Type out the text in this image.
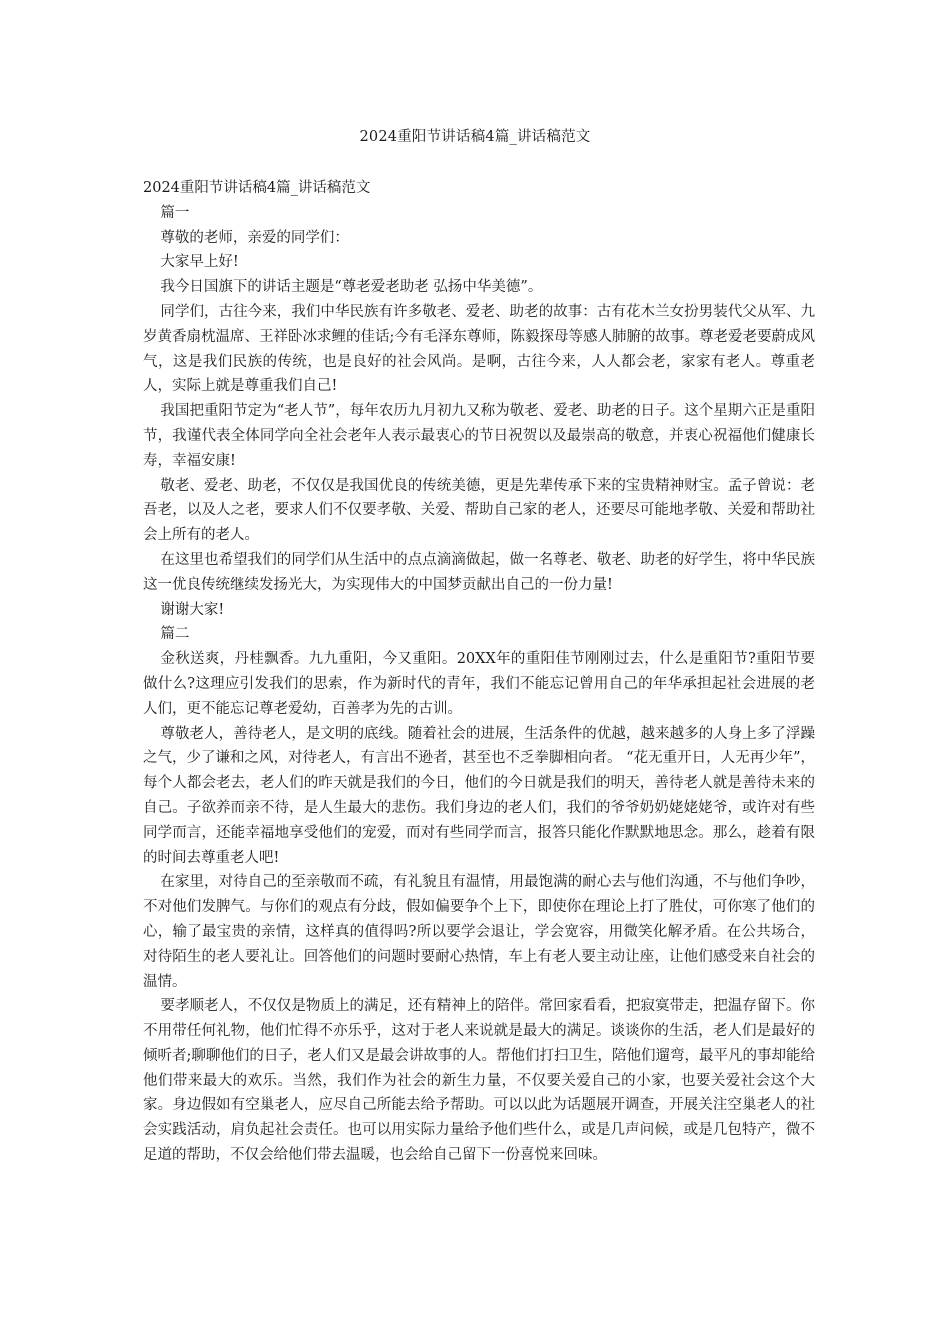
2024重阳节讲话稿4篇_讲话稿范文

2024重阳节讲话稿4篇_讲话稿范文

篇一

尊敬的老师，亲爱的同学们：

大家早上好!

我今日国旗下的讲话主题是“尊老爱老助老 弘扬中华美德”。

同学们，古往今来，我们中华民族有许多敬老、爱老、助老的故事：古有花木兰女扮男装代父从军、九岁黄香扇枕温席、王祥卧冰求鲤的佳话;今有毛泽东尊师，陈毅探母等感人肺腑的故事。尊老爱老要蔚成风气，这是我们民族的传统，也是良好的社会风尚。是啊，古往今来，人人都会老，家家有老人。尊重老人，实际上就是尊重我们自己!

我国把重阳节定为“老人节”，每年农历九月初九又称为敬老、爱老、助老的日子。这个星期六正是重阳节，我谨代表全体同学向全社会老年人表示最衷心的节日祝贺以及最崇高的敬意，并衷心祝福他们健康长寿，幸福安康!

敬老、爱老、助老，不仅仅是我国优良的传统美德，更是先辈传承下来的宝贵精神财宝。孟子曾说：老吾老，以及人之老，要求人们不仅要孝敬、关爱、帮助自己家的老人，还要尽可能地孝敬、关爱和帮助社会上所有的老人。

在这里也希望我们的同学们从生活中的点点滴滴做起，做一名尊老、敬老、助老的好学生，将中华民族这一优良传统继续发扬光大，为实现伟大的中国梦贡献出自己的一份力量!

谢谢大家!

篇二

金秋送爽，丹桂飘香。九九重阳，今又重阳。20XX年的重阳佳节刚刚过去，什么是重阳节?重阳节要做什么?这理应引发我们的思索，作为新时代的青年，我们不能忘记曾用自己的年华承担起社会进展的老人们，更不能忘记尊老爱幼，百善孝为先的古训。

尊敬老人，善待老人，是文明的底线。随着社会的进展，生活条件的优越，越来越多的人身上多了浮躁之气，少了谦和之风，对待老人，有言出不逊者，甚至也不乏拳脚相向者。 “花无重开日，人无再少年”，每个人都会老去，老人们的昨天就是我们的今日，他们的今日就是我们的明天，善待老人就是善待未来的自己。子欲养而亲不待，是人生最大的悲伤。我们身边的老人们，我们的爷爷奶奶姥姥姥爷，或许对有些同学而言，还能幸福地享受他们的宠爱，而对有些同学而言，报答只能化作默默地思念。那么，趁着有限的时间去尊重老人吧!

在家里，对待自己的至亲敬而不疏，有礼貌且有温情，用最饱满的耐心去与他们沟通，不与他们争吵，不对他们发脾气。与你们的观点有分歧，假如偏要争个上下，即使你在理论上打了胜仗，可你寒了他们的心，输了最宝贵的亲情，这样真的值得吗?所以要学会退让，学会宽容，用微笑化解矛盾。在公共场合，对待陌生的老人要礼让。回答他们的问题时要耐心热情，车上有老人要主动让座，让他们感受来自社会的温情。

要孝顺老人，不仅仅是物质上的满足，还有精神上的陪伴。常回家看看，把寂寞带走，把温存留下。你不用带任何礼物，他们忙得不亦乐乎，这对于老人来说就是最大的满足。谈谈你的生活，老人们是最好的倾听者;聊聊他们的日子，老人们又是最会讲故事的人。帮他们打扫卫生，陪他们遛弯，最平凡的事却能给他们带来最大的欢乐。当然，我们作为社会的新生力量，不仅要关爱自己的小家，也要关爱社会这个大家。身边假如有空巢老人，应尽自己所能去给予帮助。可以以此为话题展开调查，开展关注空巢老人的社会实践活动，肩负起社会责任。也可以用实际力量给予他们些什么，或是几声问候，或是几包特产，微不足道的帮助，不仅会给他们带去温暖，也会给自己留下一份喜悦来回味。
